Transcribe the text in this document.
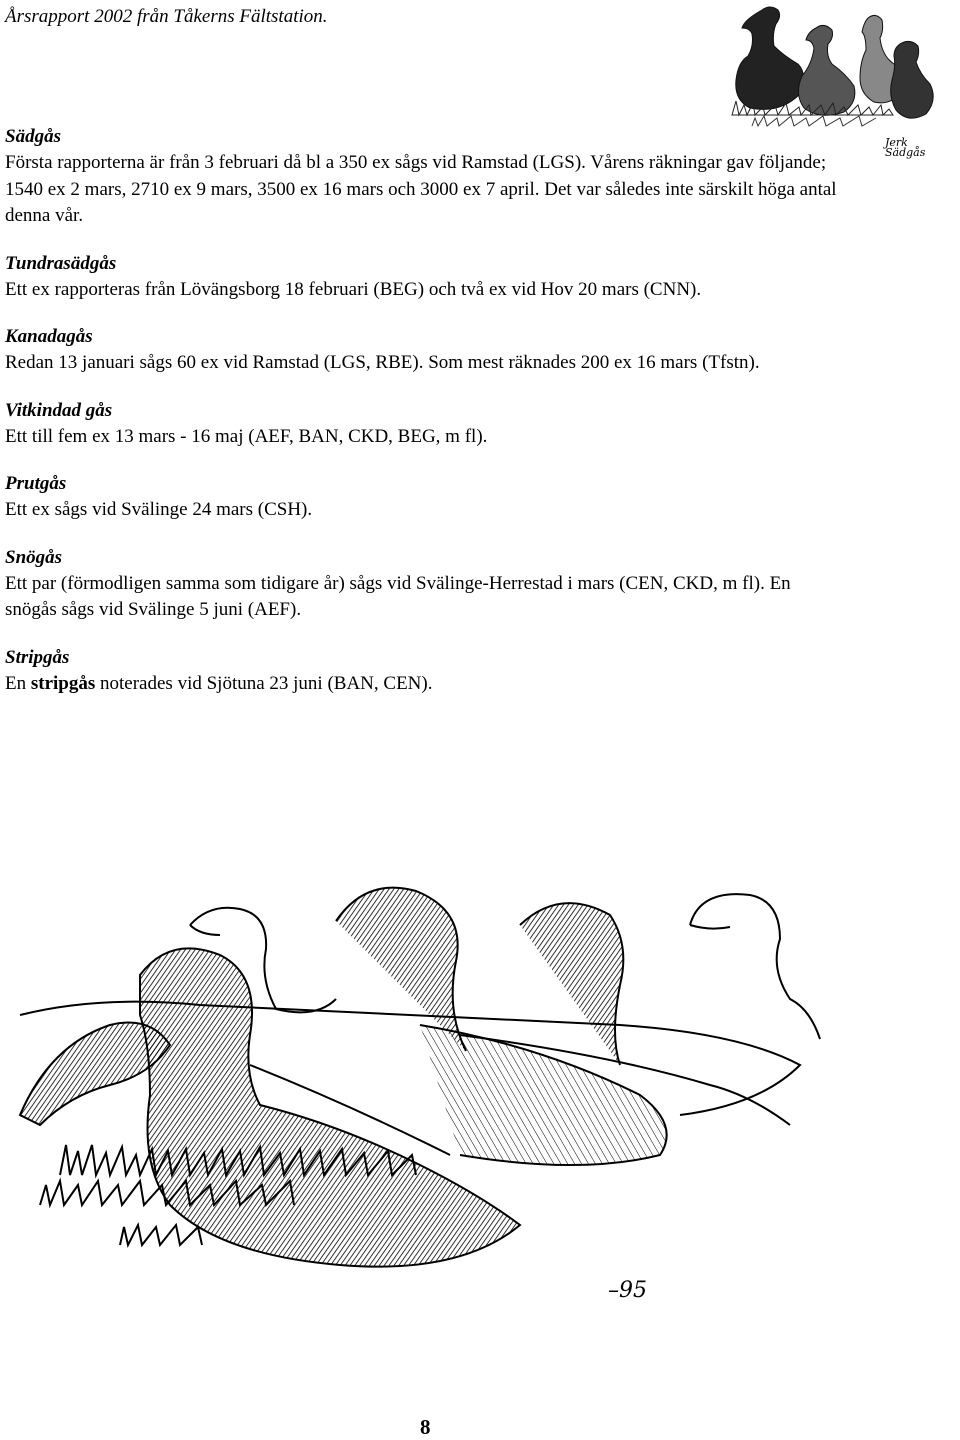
Årsrapport 2002 från Tåkerns Fältstation.
Jerk
Sädgås
Sädgås
Första rapporterna är från 3 februari då bl a 350 ex sågs vid Ramstad (LGS). Vårens räkningar gav följande; 1540 ex 2 mars, 2710 ex 9 mars, 3500 ex 16 mars och 3000 ex 7 april. Det var således inte särskilt höga antal denna vår.
Tundrasädgås
Ett ex rapporteras från Lövängsborg 18 februari (BEG) och två ex vid Hov 20 mars (CNN).
Kanadagås
Redan 13 januari sågs 60 ex vid Ramstad (LGS, RBE). Som mest räknades 200 ex 16 mars (Tfstn).
Vitkindad gås
Ett till fem ex 13 mars - 16 maj (AEF, BAN, CKD, BEG, m fl).
Prutgås
Ett ex sågs vid Svälinge 24 mars (CSH).
Snögås
Ett par (förmodligen samma som tidigare år) sågs vid Svälinge-Herrestad i mars (CEN, CKD, m fl). En snögås sågs vid Svälinge 5 juni (AEF).
Stripgås
En stripgås noterades vid Sjötuna 23 juni (BAN, CEN).
–95
8
